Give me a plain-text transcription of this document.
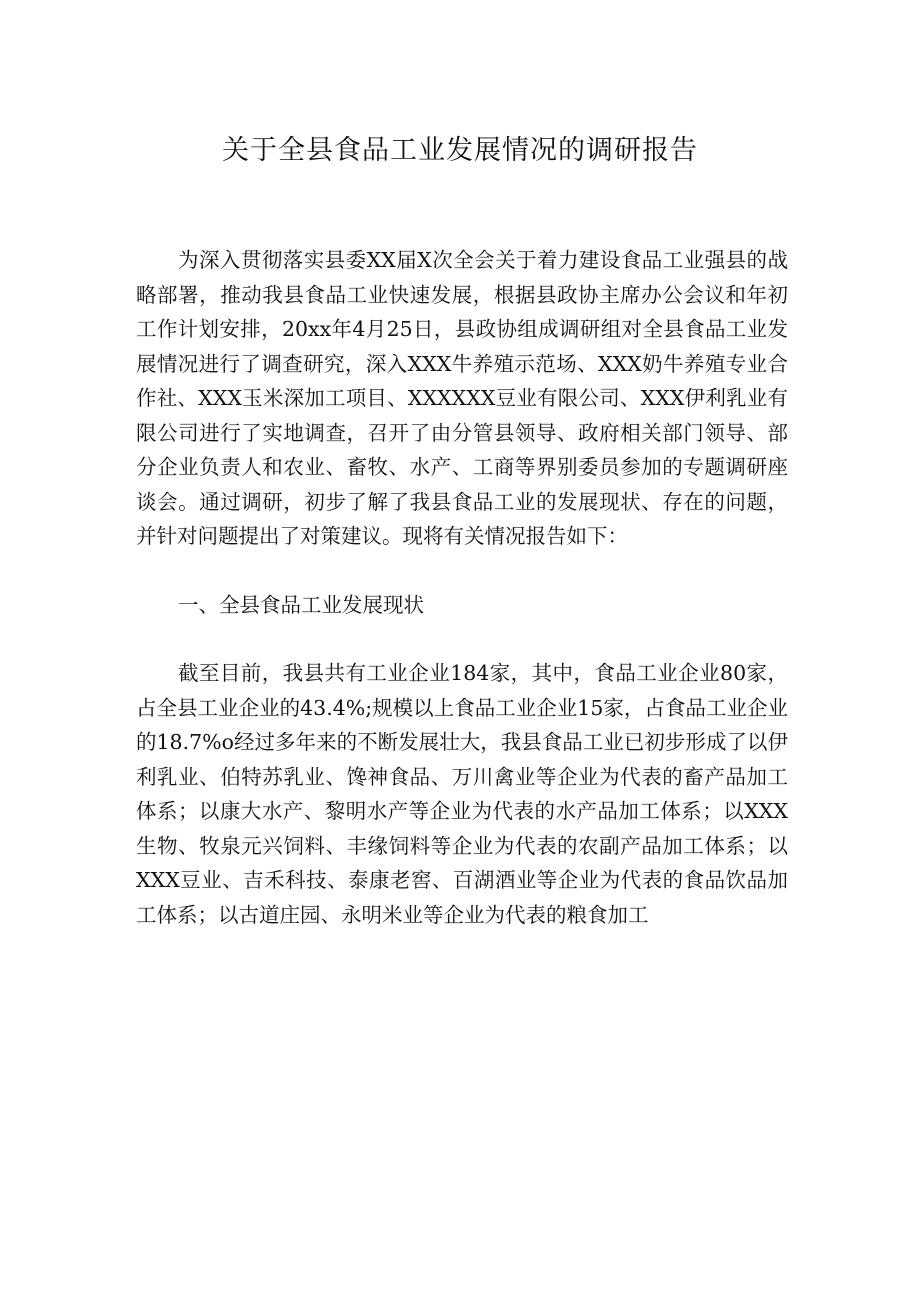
关于全县食品工业发展情况的调研报告

为深入贯彻落实县委XX届X次全会关于着力建设食品工业强县的战略部署，推动我县食品工业快速发展，根据县政协主席办公会议和年初工作计划安排，20xx年4月25日，县政协组成调研组对全县食品工业发展情况进行了调查研究，深入XXX牛养殖示范场、XXX奶牛养殖专业合作社、XXX玉米深加工项目、XXXXXX豆业有限公司、XXX伊利乳业有限公司进行了实地调查，召开了由分管县领导、政府相关部门领导、部分企业负责人和农业、畜牧、水产、工商等界别委员参加的专题调研座谈会。通过调研，初步了解了我县食品工业的发展现状、存在的问题，并针对问题提出了对策建议。现将有关情况报告如下：

一、全县食品工业发展现状

截至目前，我县共有工业企业184家，其中，食品工业企业80家，占全县工业企业的43.4%;规模以上食品工业企业15家，占食品工业企业的18.7%o经过多年来的不断发展壮大，我县食品工业已初步形成了以伊利乳业、伯特苏乳业、馋神食品、万川禽业等企业为代表的畜产品加工体系；以康大水产、黎明水产等企业为代表的水产品加工体系；以XXX生物、牧泉元兴饲料、丰缘饲料等企业为代表的农副产品加工体系；以XXX豆业、吉禾科技、泰康老窖、百湖酒业等企业为代表的食品饮品加工体系；以古道庄园、永明米业等企业为代表的粮食加工
